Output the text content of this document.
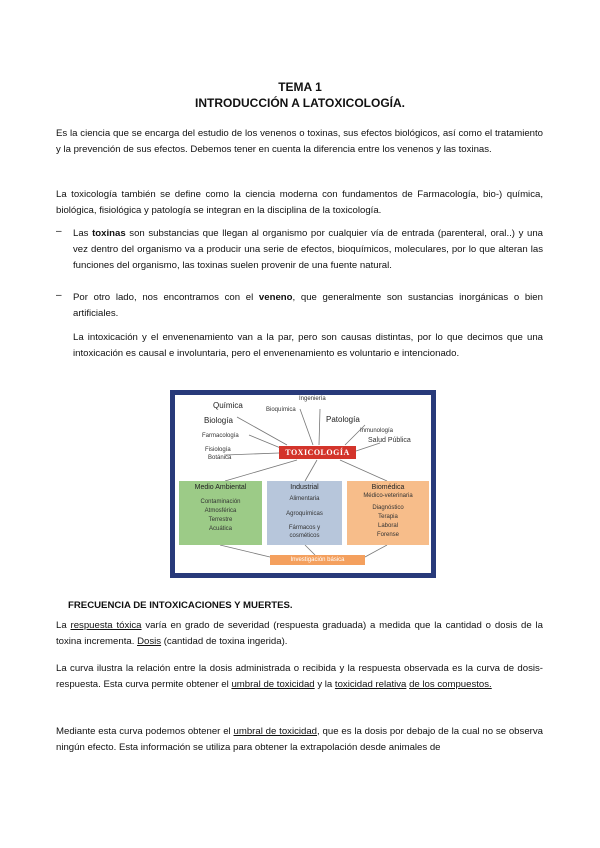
TEMA 1
INTRODUCCIÓN A LATOXICOLOGÍA.

Es la ciencia que se encarga del estudio de los venenos o toxinas, sus efectos biológicos, así como el tratamiento y la prevención de sus efectos. Debemos tener en cuenta la diferencia entre los venenos y las toxinas.

La toxicología también se define como la ciencia moderna con fundamentos de Farmacología, bio-) química, biológica, fisiológica y patología se integran en la disciplina de la toxicología.

– Las toxinas son substancias que llegan al organismo por cualquier vía de entrada (parenteral, oral..) y una vez dentro del organismo va a producir una serie de efectos, bioquímicos, moleculares, por lo que alteran las funciones del organismo, las toxinas suelen provenir de una fuente natural.

– Por otro lado, nos encontramos con el veneno, que generalmente son sustancias inorgánicas o bien artificiales.

La intoxicación y el envenenamiento van a la par, pero son causas distintas, por lo que decimos que una intoxicación es causal e involuntaria, pero el envenenamiento es voluntario e intencionado.

Química
Ingeniería
Bioquímica
Biología	Patología
Farmacología
Inmunología
Salud Pública
Fisiología
Botánica
TOXICOLOGÍA
Medio Ambiental
Contaminación
Atmosférica
Terrestre
Acuática
Industrial
Alimentaria
Agroquímicas
Fármacos y
cosméticos
Biomédica
Médico-veterinaria
Diagnóstico
Terapia
Laboral
Forense
Investigación básica
FRECUENCIA DE INTOXICACIONES Y MUERTES.

La respuesta tóxica varía en grado de severidad (respuesta graduada) a medida que la cantidad o dosis de la toxina incrementa. Dosis (cantidad de toxina ingerida).

La curva ilustra la relación entre la dosis administrada o recibida y la respuesta observada es la curva de dosis-respuesta. Esta curva permite obtener el umbral de toxicidad y la toxicidad relativa de los compuestos.

Mediante esta curva podemos obtener el umbral de toxicidad, que es la dosis por debajo de la cual no se observa ningún efecto. Esta información se utiliza para obtener la extrapolación desde animales de
